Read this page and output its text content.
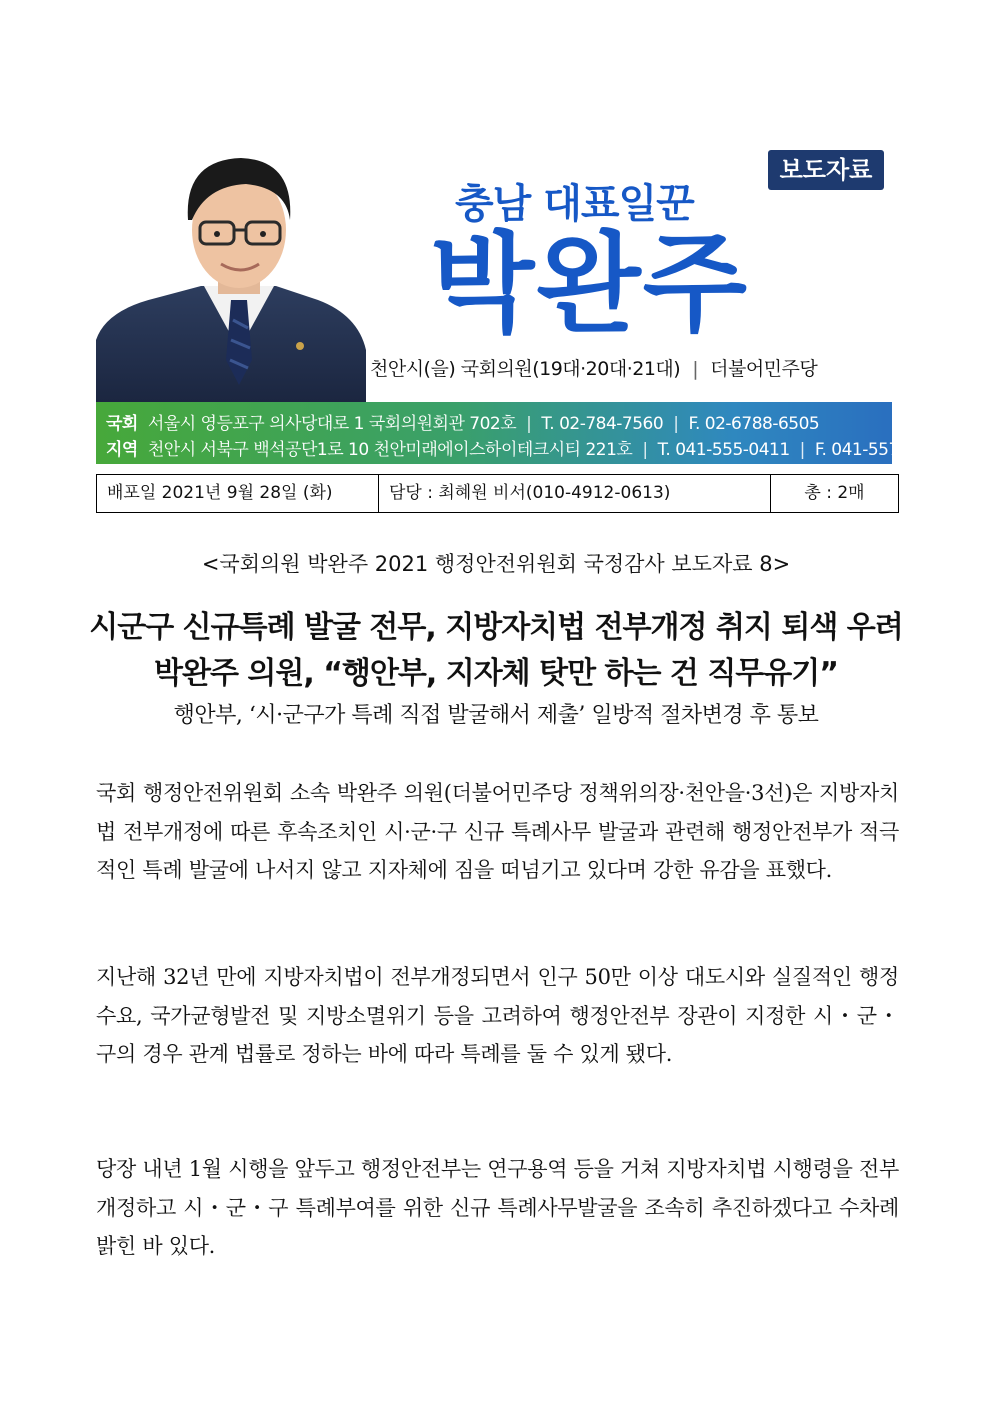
보도자료
충남 대표일꾼
박완주
천안시(을) 국회의원(19대·20대·21대) | 더불어민주당
국회 서울시 영등포구 의사당대로 1 국회의원회관 702호 | T. 02-784-7560 | F. 02-6788-6505
지역 천안시 서북구 백석공단1로 10 천안미래에이스하이테크시티 221호 | T. 041-555-0411 | F. 041-557-0411
배포일 2021년 9월 28일 (화)	담당 : 최혜원 비서(010-4912-0613)	총 : 2매
<국회의원 박완주 2021 행정안전위원회 국정감사 보도자료 8>
시군구 신규특례 발굴 전무, 지방자치법 전부개정 취지 퇴색 우려
박완주 의원, “행안부, 지자체 탓만 하는 건 직무유기”
행안부, ‘시·군구가 특례 직접 발굴해서 제출’ 일방적 절차변경 후 통보

국회 행정안전위원회 소속 박완주 의원(더불어민주당 정책위의장·천안을·3선)은 지방자치법 전부개정에 따른 후속조치인 시·군·구 신규 특례사무 발굴과 관련해 행정안전부가 적극적인 특례 발굴에 나서지 않고 지자체에 짐을 떠넘기고 있다며 강한 유감을 표했다.

지난해 32년 만에 지방자치법이 전부개정되면서 인구 50만 이상 대도시와 실질적인 행정수요, 국가균형발전 및 지방소멸위기 등을 고려하여 행정안전부 장관이 지정한 시・군・구의 경우 관계 법률로 정하는 바에 따라 특례를 둘 수 있게 됐다.

당장 내년 1월 시행을 앞두고 행정안전부는 연구용역 등을 거쳐 지방자치법 시행령을 전부개정하고 시・군・구 특례부여를 위한 신규 특례사무발굴을 조속히 추진하겠다고 수차례 밝힌 바 있다.
